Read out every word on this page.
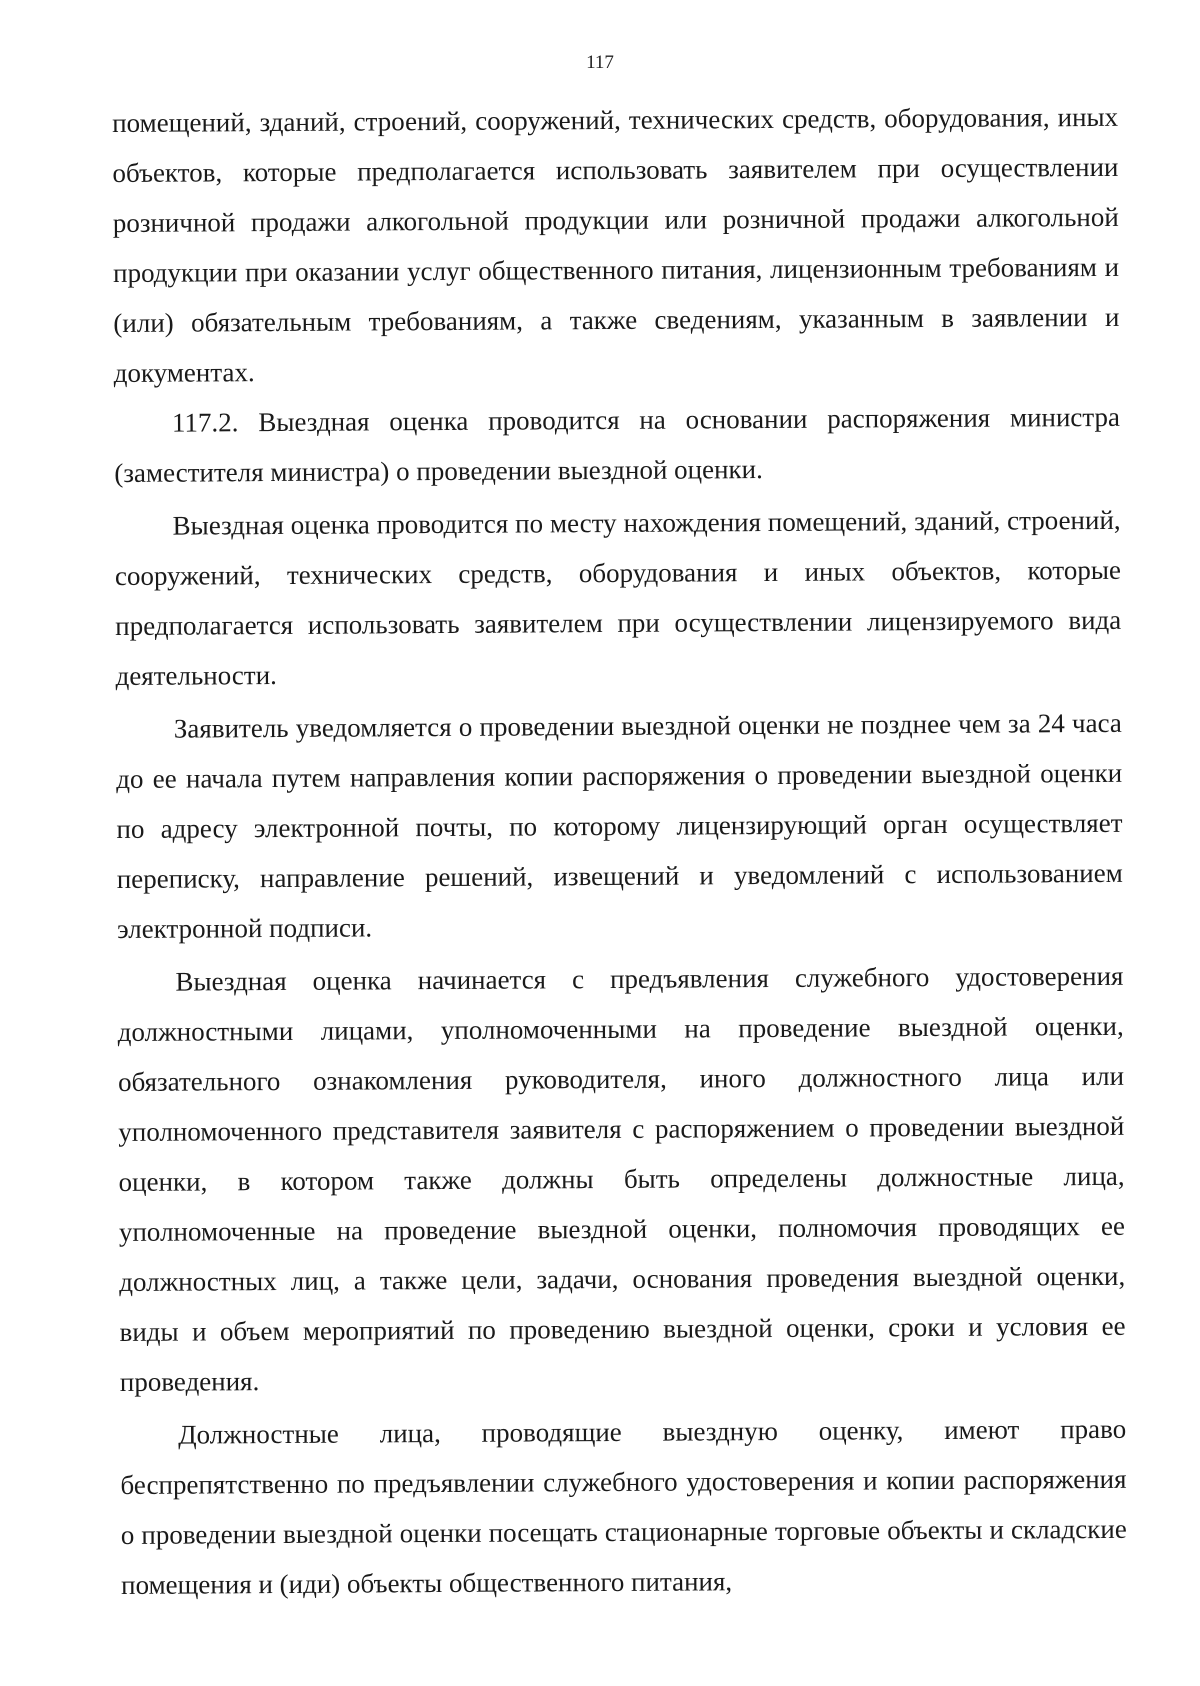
117

помещений, зданий, строений, сооружений, технических средств, оборудования, иных объектов, которые предполагается использовать заявителем при осуществлении розничной продажи алкогольной продукции или розничной продажи алкогольной продукции при оказании услуг общественного питания, лицензионным требованиям и (или) обязательным требованиям, а также сведениям, указанным в заявлении и документах.

117.2. Выездная оценка проводится на основании распоряжения министра (заместителя министра) о проведении выездной оценки.

Выездная оценка проводится по месту нахождения помещений, зданий, строений, сооружений, технических средств, оборудования и иных объектов, которые предполагается использовать заявителем при осуществлении лицензируемого вида деятельности.

Заявитель уведомляется о проведении выездной оценки не позднее чем за 24 часа до ее начала путем направления копии распоряжения о проведении выездной оценки по адресу электронной почты, по которому лицензирующий орган осуществляет переписку, направление решений, извещений и уведомлений с использованием электронной подписи.

Выездная оценка начинается с предъявления служебного удостоверения должностными лицами, уполномоченными на проведение выездной оценки, обязательного ознакомления руководителя, иного должностного лица или уполномоченного представителя заявителя с распоряжением о проведении выездной оценки, в котором также должны быть определены должностные лица, уполномоченные на проведение выездной оценки, полномочия проводящих ее должностных лиц, а также цели, задачи, основания проведения выездной оценки, виды и объем мероприятий по проведению выездной оценки, сроки и условия ее проведения.

Должностные лица, проводящие выездную оценку, имеют право беспрепятственно по предъявлении служебного удостоверения и копии распоряжения о проведении выездной оценки посещать стационарные торговые объекты и складские помещения и (иди) объекты общественного питания,
